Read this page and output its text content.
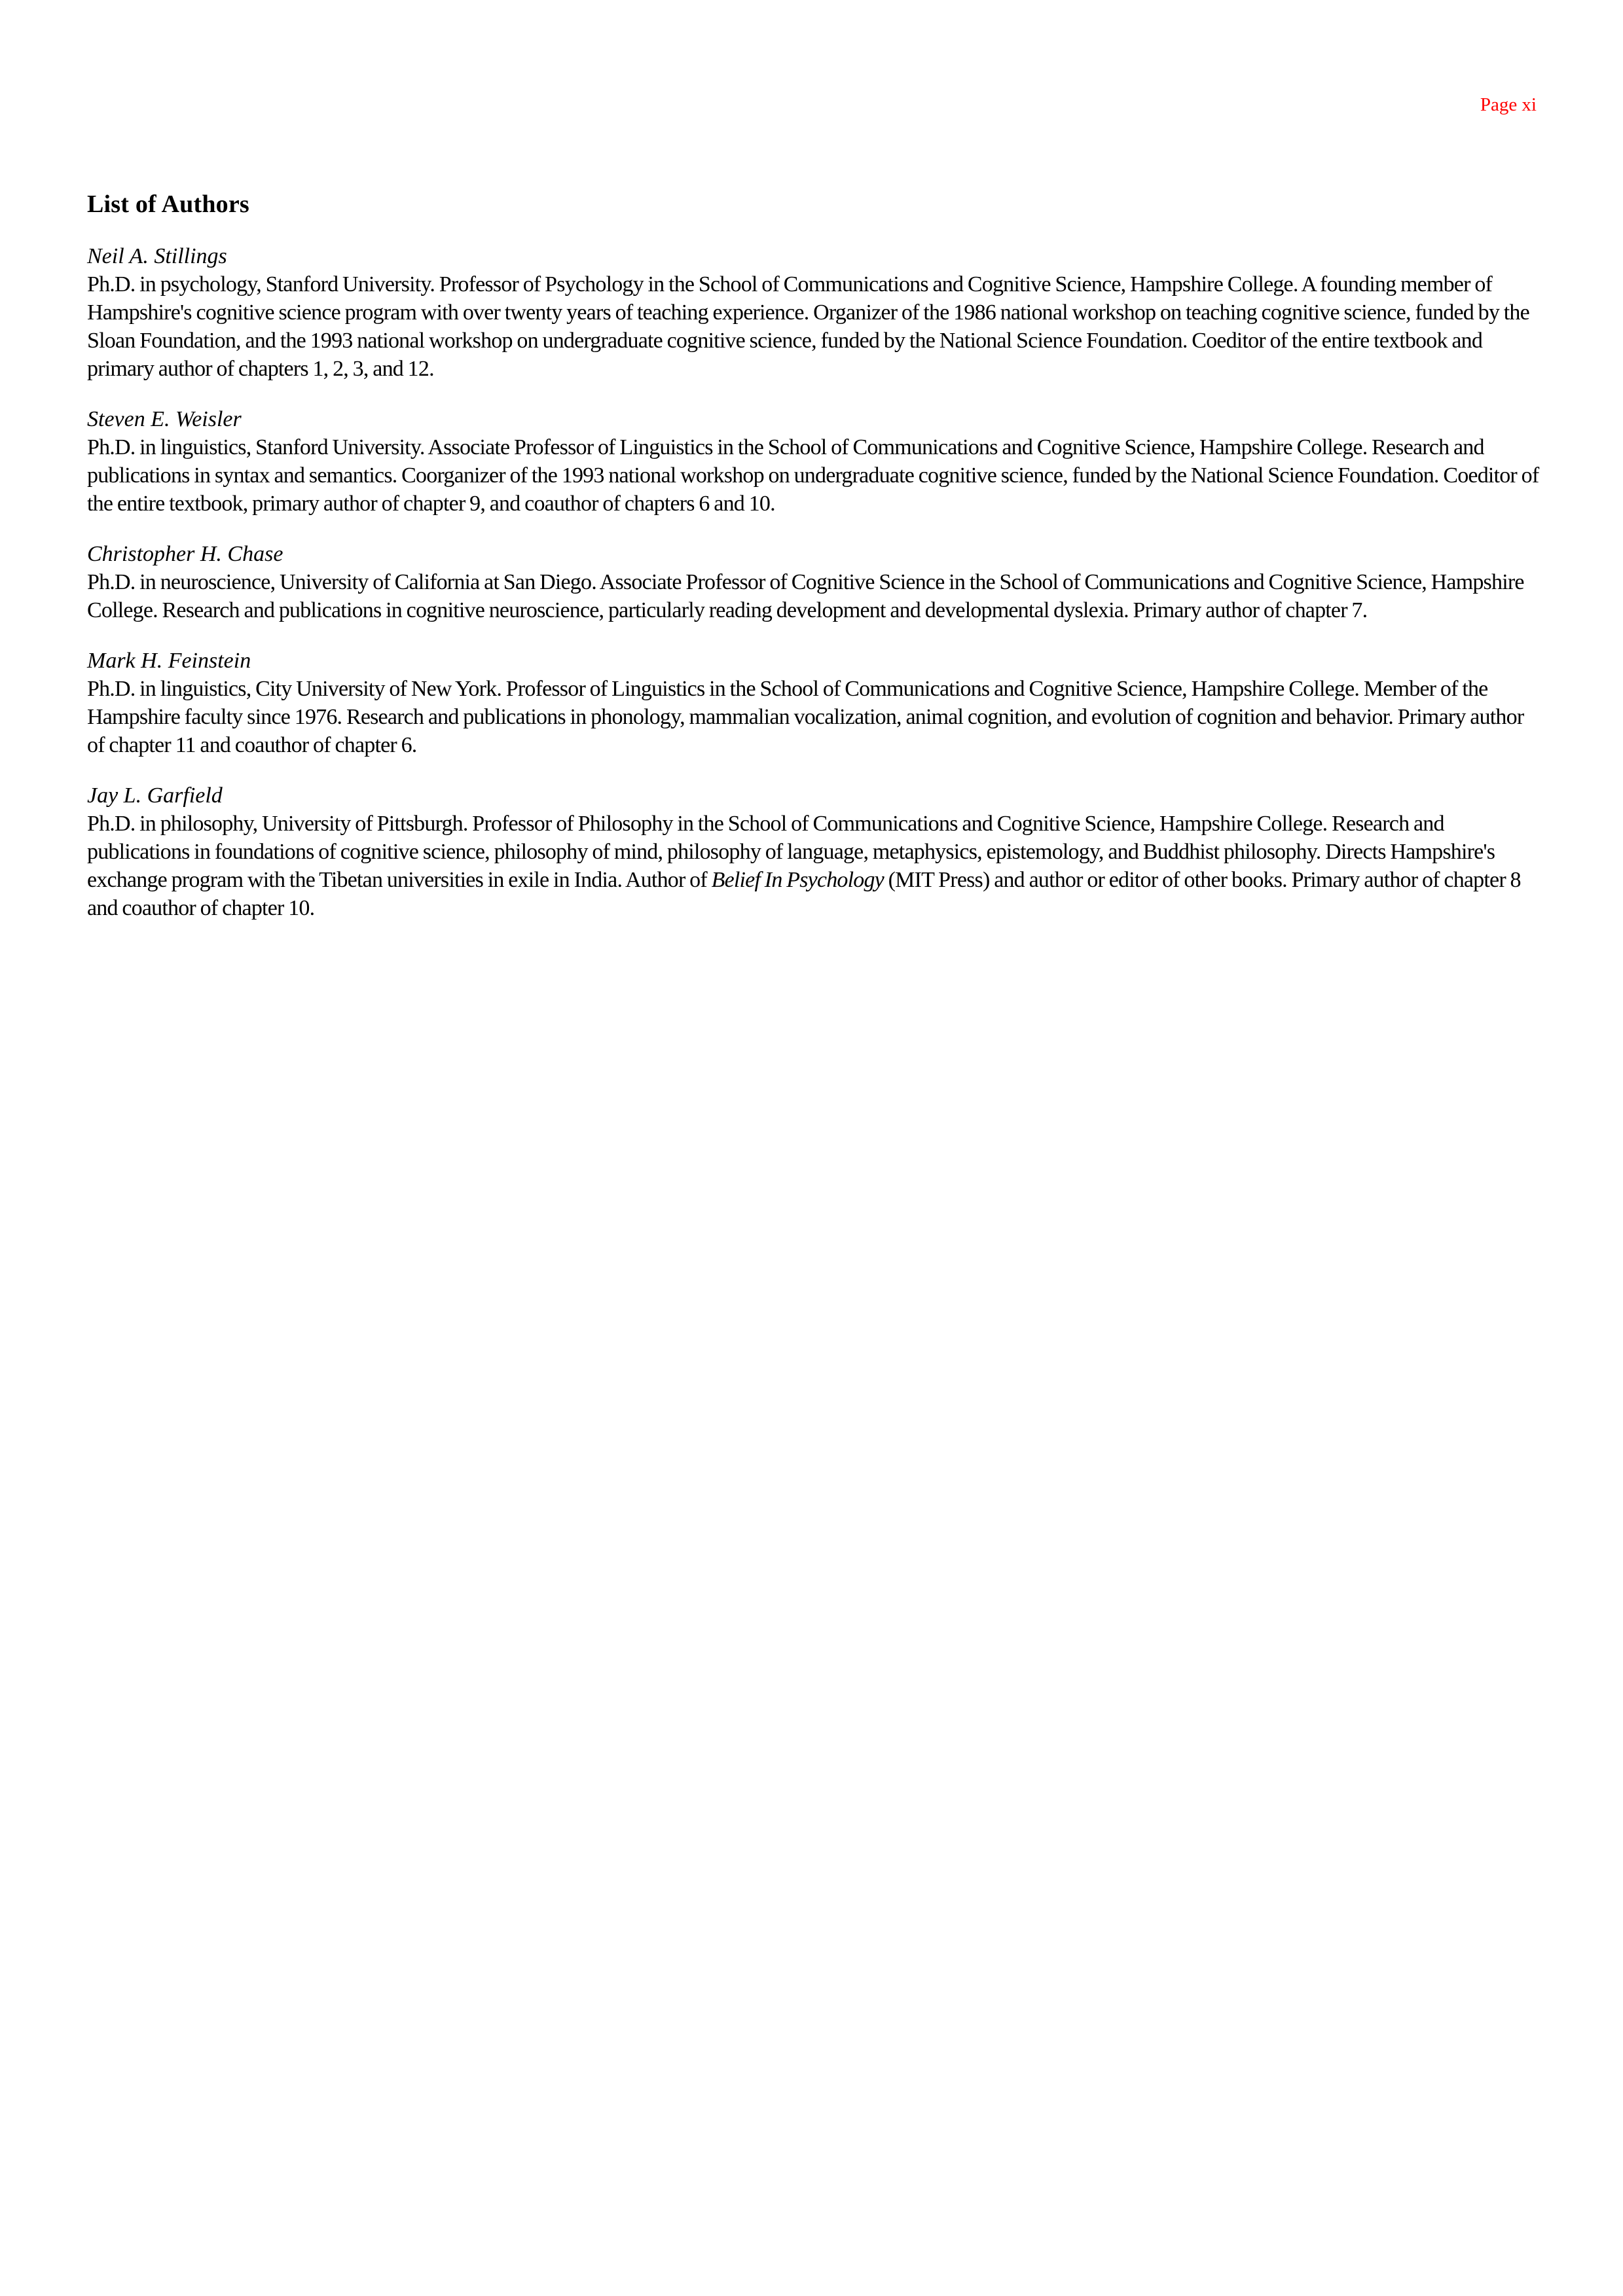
Page xi
List of Authors
Neil A. Stillings
Ph.D. in psychology, Stanford University. Professor of Psychology in the School of Communications and Cognitive Science, Hampshire College. A founding member of Hampshire's cognitive science program with over twenty years of teaching experience. Organizer of the 1986 national workshop on teaching cognitive science, funded by the Sloan Foundation, and the 1993 national workshop on undergraduate cognitive science, funded by the National Science Foundation. Coeditor of the entire textbook and primary author of chapters 1, 2, 3, and 12.
Steven E. Weisler
Ph.D. in linguistics, Stanford University. Associate Professor of Linguistics in the School of Communications and Cognitive Science, Hampshire College. Research and publications in syntax and semantics. Coorganizer of the 1993 national workshop on undergraduate cognitive science, funded by the National Science Foundation. Coeditor of the entire textbook, primary author of chapter 9, and coauthor of chapters 6 and 10.
Christopher H. Chase
Ph.D. in neuroscience, University of California at San Diego. Associate Professor of Cognitive Science in the School of Communications and Cognitive Science, Hampshire College. Research and publications in cognitive neuroscience, particularly reading development and developmental dyslexia. Primary author of chapter 7.
Mark H. Feinstein
Ph.D. in linguistics, City University of New York. Professor of Linguistics in the School of Communications and Cognitive Science, Hampshire College. Member of the Hampshire faculty since 1976. Research and publications in phonology, mammalian vocalization, animal cognition, and evolution of cognition and behavior. Primary author of chapter 11 and coauthor of chapter 6.
Jay L. Garfield
Ph.D. in philosophy, University of Pittsburgh. Professor of Philosophy in the School of Communications and Cognitive Science, Hampshire College. Research and publications in foundations of cognitive science, philosophy of mind, philosophy of language, metaphysics, epistemology, and Buddhist philosophy. Directs Hampshire's exchange program with the Tibetan universities in exile in India. Author of Belief In Psychology (MIT Press) and author or editor of other books. Primary author of chapter 8 and coauthor of chapter 10.
